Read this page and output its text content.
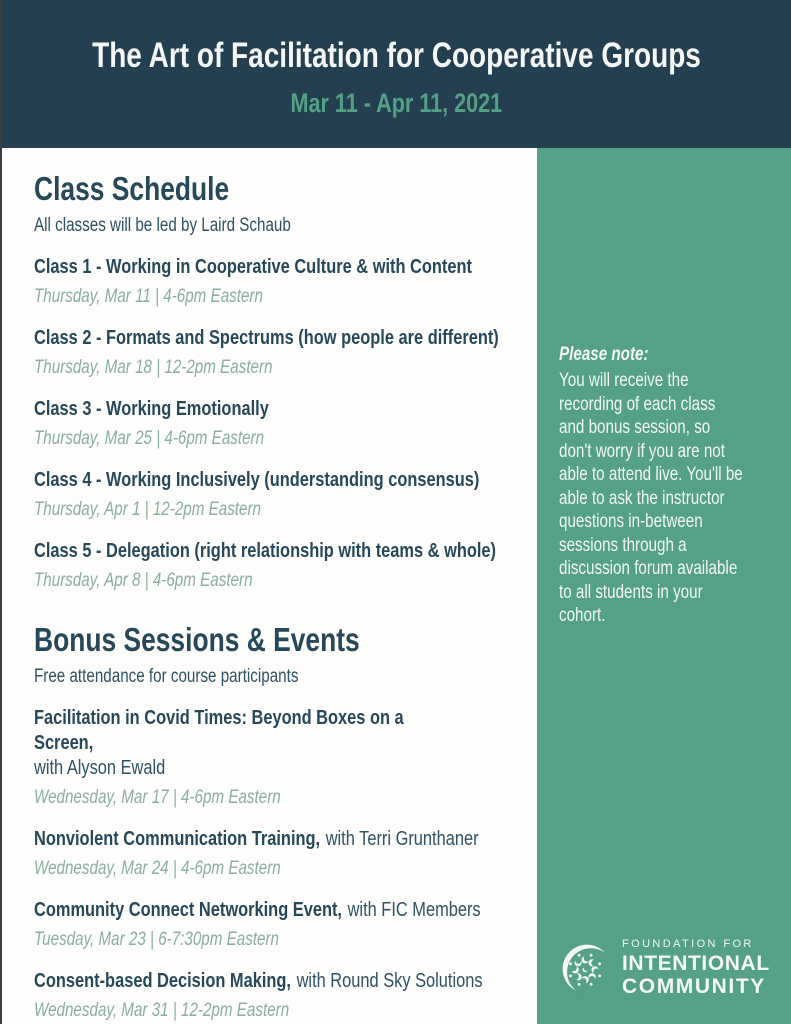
The Art of Facilitation for Cooperative Groups
Mar 11 - Apr 11, 2021
Class Schedule

All classes will be led by Laird Schaub

Class 1 - Working in Cooperative Culture & with Content

Thursday, Mar 11 | 4-6pm Eastern

Class 2 - Formats and Spectrums (how people are different)

Thursday, Mar 18 | 12-2pm Eastern

Class 3 - Working Emotionally

Thursday, Mar 25 | 4-6pm Eastern

Class 4 - Working Inclusively (understanding consensus)

Thursday, Apr 1 | 12-2pm Eastern

Class 5 - Delegation (right relationship with teams & whole)

Thursday, Apr 8 | 4-6pm Eastern

Bonus Sessions & Events

Free attendance for course participants

Facilitation in Covid Times: Beyond Boxes on a Screen,
with Alyson Ewald

Wednesday, Mar 17 | 4-6pm Eastern

Nonviolent Communication Training, with Terri Grunthaner

Wednesday, Mar 24 | 4-6pm Eastern

Community Connect Networking Event, with FIC Members

Tuesday, Mar 23 | 6-7:30pm Eastern

Consent-based Decision Making, with Round Sky Solutions

Wednesday, Mar 31 | 12-2pm Eastern

Please note:
You will receive the recording of each class and bonus session, so don't worry if you are not able to attend live. You'll be able to ask the instructor questions in-between sessions through a discussion forum available to all students in your cohort.
FOUNDATION FOR
INTENTIONAL
COMMUNITY
